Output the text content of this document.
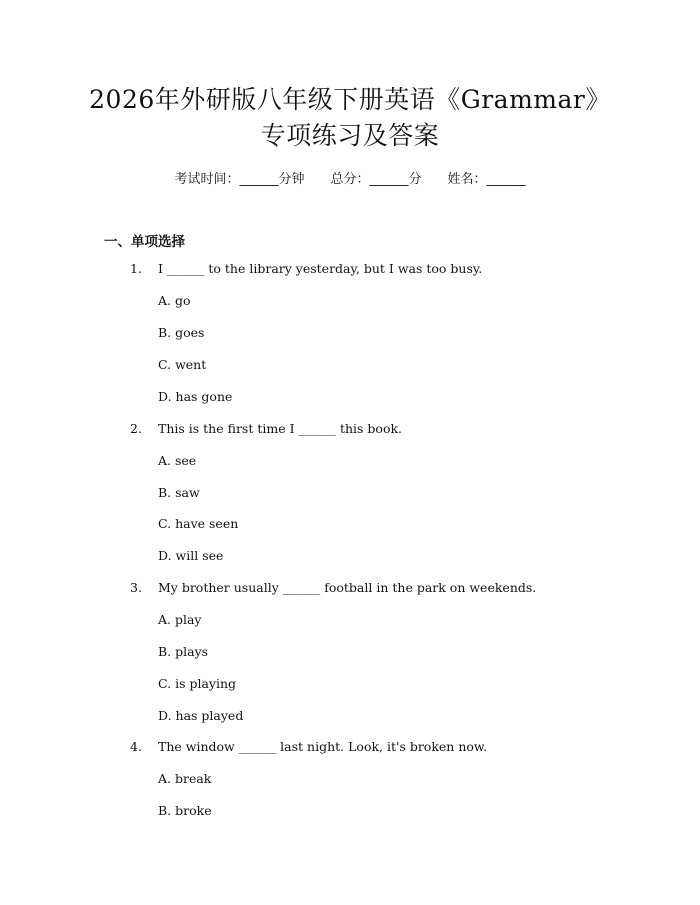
2026年外研版八年级下册英语《Grammar》
专项练习及答案
考试时间：______分钟 总分：______分 姓名：______
一、单项选择
1. I ______ to the library yesterday, but I was too busy.
A. go
B. goes
C. went
D. has gone
2. This is the first time I ______ this book.
A. see
B. saw
C. have seen
D. will see
3. My brother usually ______ football in the park on weekends.
A. play
B. plays
C. is playing
D. has played
4. The window ______ last night. Look, it's broken now.
A. break
B. broke
